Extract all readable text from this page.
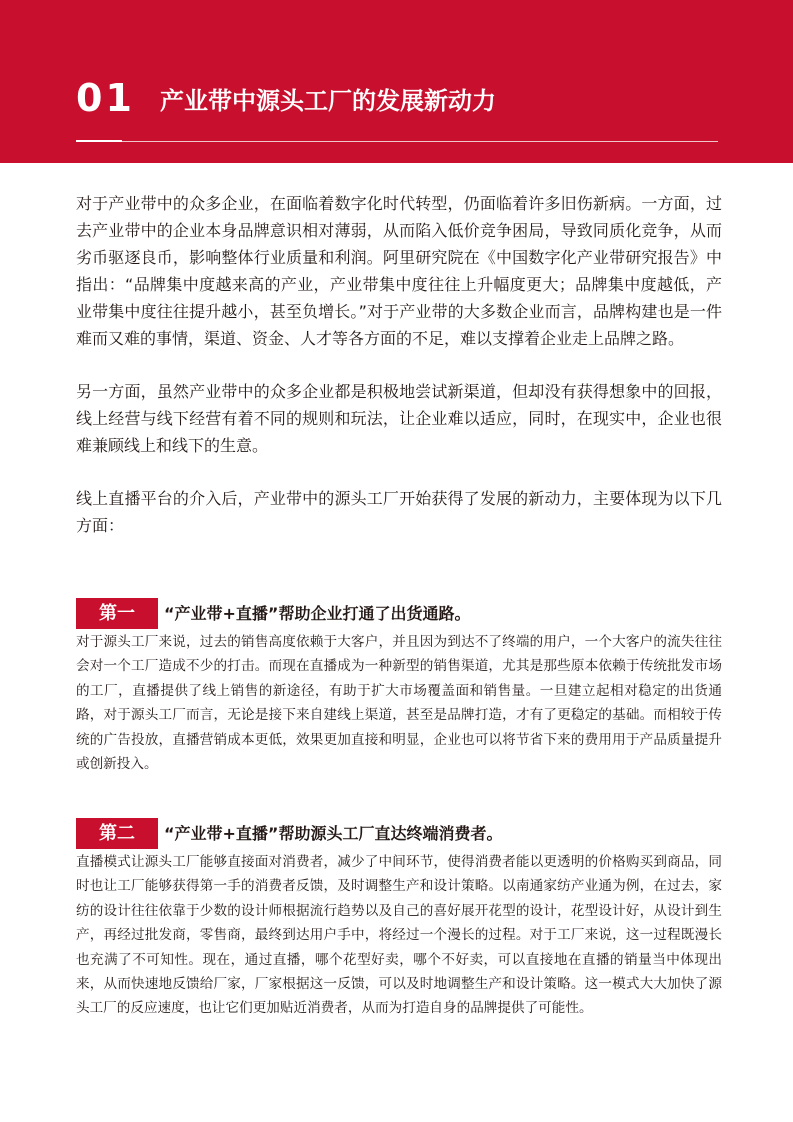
01 产业带中源头工厂的发展新动力

对于产业带中的众多企业，在面临着数字化时代转型，仍面临着许多旧伤新病。一方面，过去产业带中的企业本身品牌意识相对薄弱，从而陷入低价竞争困局，导致同质化竞争，从而劣币驱逐良币，影响整体行业质量和利润。阿里研究院在《中国数字化产业带研究报告》中指出：“品牌集中度越来高的产业，产业带集中度往往上升幅度更大；品牌集中度越低，产业带集中度往往提升越小，甚至负增长。”对于产业带的大多数企业而言，品牌构建也是一件难而又难的事情，渠道、资金、人才等各方面的不足，难以支撑着企业走上品牌之路。

另一方面，虽然产业带中的众多企业都是积极地尝试新渠道，但却没有获得想象中的回报，线上经营与线下经营有着不同的规则和玩法，让企业难以适应，同时，在现实中，企业也很难兼顾线上和线下的生意。

线上直播平台的介入后，产业带中的源头工厂开始获得了发展的新动力，主要体现为以下几方面：

第一	“产业带+直播”帮助企业打通了出货通路。

对于源头工厂来说，过去的销售高度依赖于大客户，并且因为到达不了终端的用户，一个大客户的流失往往会对一个工厂造成不少的打击。而现在直播成为一种新型的销售渠道，尤其是那些原本依赖于传统批发市场的工厂，直播提供了线上销售的新途径，有助于扩大市场覆盖面和销售量。一旦建立起相对稳定的出货通路，对于源头工厂而言，无论是接下来自建线上渠道，甚至是品牌打造，才有了更稳定的基础。而相较于传统的广告投放，直播营销成本更低，效果更加直接和明显，企业也可以将节省下来的费用用于产品质量提升或创新投入。

第二	“产业带+直播”帮助源头工厂直达终端消费者。

直播模式让源头工厂能够直接面对消费者，减少了中间环节，使得消费者能以更透明的价格购买到商品，同时也让工厂能够获得第一手的消费者反馈，及时调整生产和设计策略。以南通家纺产业通为例，在过去，家纺的设计往往依靠于少数的设计师根据流行趋势以及自己的喜好展开花型的设计，花型设计好，从设计到生产，再经过批发商，零售商，最终到达用户手中，将经过一个漫长的过程。对于工厂来说，这一过程既漫长也充满了不可知性。现在，通过直播，哪个花型好卖，哪个不好卖，可以直接地在直播的销量当中体现出来，从而快速地反馈给厂家，厂家根据这一反馈，可以及时地调整生产和设计策略。这一模式大大加快了源头工厂的反应速度，也让它们更加贴近消费者，从而为打造自身的品牌提供了可能性。
